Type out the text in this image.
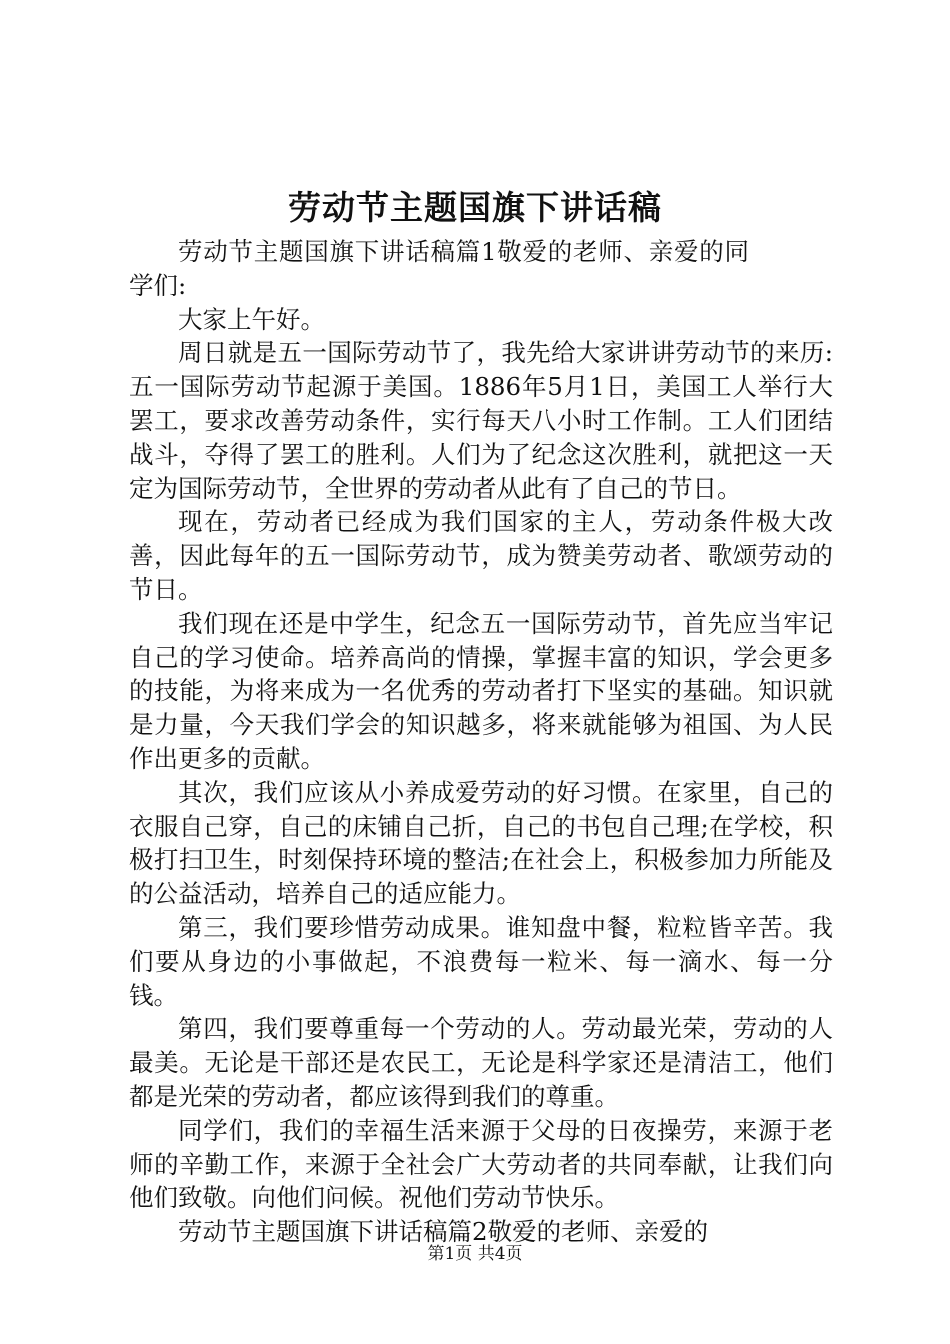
劳动节主题国旗下讲话稿

劳动节主题国旗下讲话稿篇1敬爱的老师、亲爱的同学们:

大家上午好。

周日就是五一国际劳动节了，我先给大家讲讲劳动节的来历:五一国际劳动节起源于美国。1886年5月1日，美国工人举行大罢工，要求改善劳动条件，实行每天八小时工作制。工人们团结战斗，夺得了罢工的胜利。人们为了纪念这次胜利，就把这一天定为国际劳动节，全世界的劳动者从此有了自己的节日。

现在，劳动者已经成为我们国家的主人，劳动条件极大改善，因此每年的五一国际劳动节，成为赞美劳动者、歌颂劳动的节日。

我们现在还是中学生，纪念五一国际劳动节，首先应当牢记自己的学习使命。培养高尚的情操，掌握丰富的知识，学会更多的技能，为将来成为一名优秀的劳动者打下坚实的基础。知识就是力量，今天我们学会的知识越多，将来就能够为祖国、为人民作出更多的贡献。

其次，我们应该从小养成爱劳动的好习惯。在家里，自己的衣服自己穿，自己的床铺自己折，自己的书包自己理;在学校，积极打扫卫生，时刻保持环境的整洁;在社会上，积极参加力所能及的公益活动，培养自己的适应能力。

第三，我们要珍惜劳动成果。谁知盘中餐，粒粒皆辛苦。我们要从身边的小事做起，不浪费每一粒米、每一滴水、每一分钱。

第四，我们要尊重每一个劳动的人。劳动最光荣，劳动的人最美。无论是干部还是农民工，无论是科学家还是清洁工，他们都是光荣的劳动者，都应该得到我们的尊重。

同学们，我们的幸福生活来源于父母的日夜操劳，来源于老师的辛勤工作，来源于全社会广大劳动者的共同奉献，让我们向他们致敬。向他们问候。祝他们劳动节快乐。

劳动节主题国旗下讲话稿篇2敬爱的老师、亲爱的

第1页 共4页
